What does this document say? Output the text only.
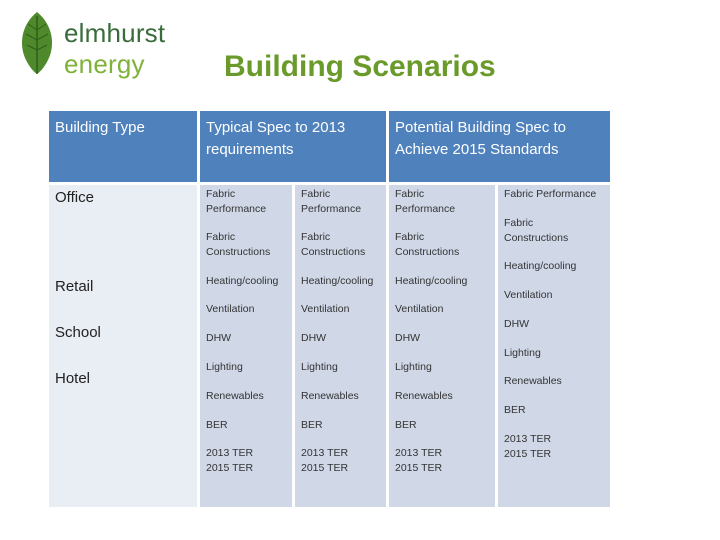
elmhurst energy	Building Scenarios
Building Type	Typical Spec to 2013 requirements
Potential Building Spec to Achieve 2015 Standards
Office
Retail
School
Hotel
Fabric
Performance
Fabric
Constructions
Heating/cooling
Ventilation
DHW
Lighting
Renewables
BER
2013 TER
2015 TER
Fabric
Performance
Fabric
Constructions
Heating/cooling
Ventilation
DHW
Lighting
Renewables
BER
2013 TER
2015 TER
Fabric
Performance
Fabric
Constructions
Heating/cooling
Ventilation
DHW
Lighting
Renewables
BER
2013 TER
2015 TER
Fabric Performance
Fabric
Constructions
Heating/cooling
Ventilation
DHW
Lighting
Renewables
BER
2013 TER
2015 TER
